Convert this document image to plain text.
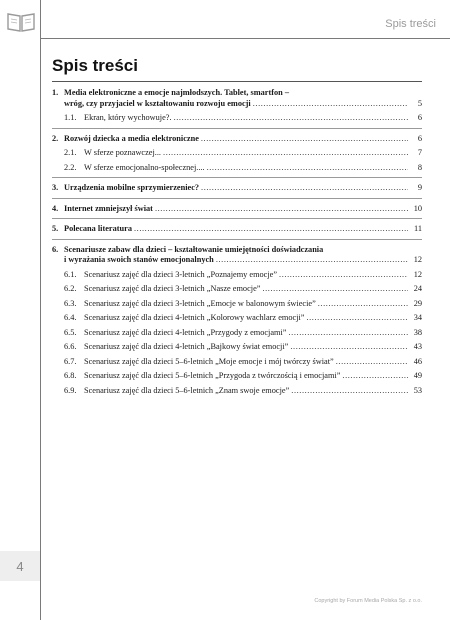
Spis treści
Spis treści
1. Media elektroniczne a emocje najmłodszych. Tablet, smartfon –
wróg, czy przyjaciel w kształtowaniu rozwoju emocji .....	5
1.1. Ekran, który wychowuje?. .....	6
2. Rozwój dziecka a media elektroniczne .....	6
2.1. W sferze poznawczej... .....	7
2.2. W sferze emocjonalno-społecznej.... .....	8
3. Urządzenia mobilne sprzymierzeniec? .....	9
4. Internet zmniejszył świat .....	10
5. Polecana literatura .....	11
6. Scenariusze zabaw dla dzieci – kształtowanie umiejętności doświadczania
i wyrażania swoich stanów emocjonalnych .....	12
6.1. Scenariusz zajęć dla dzieci 3-letnich „Poznajemy emocje” .....	12
6.2. Scenariusz zajęć dla dzieci 3-letnich „Nasze emocje” .....	24
6.3. Scenariusz zajęć dla dzieci 3-letnich „Emocje w balonowym świecie” .....	29
6.4. Scenariusz zajęć dla dzieci 4-letnich „Kolorowy wachlarz emocji” .....	34
6.5. Scenariusz zajęć dla dzieci 4-letnich „Przygody z emocjami” .....	38
6.6. Scenariusz zajęć dla dzieci 4-letnich „Bajkowy świat emocji” .....	43
6.7. Scenariusz zajęć dla dzieci 5–6-letnich „Moje emocje i mój twórczy świat” .....	46
6.8. Scenariusz zajęć dla dzieci 5–6-letnich „Przygoda z twórczością i emocjami” .....	49
6.9. Scenariusz zajęć dla dzieci 5–6-letnich „Znam swoje emocje” .....	53
4
Copyright by Forum Media Polska Sp. z o.o.
